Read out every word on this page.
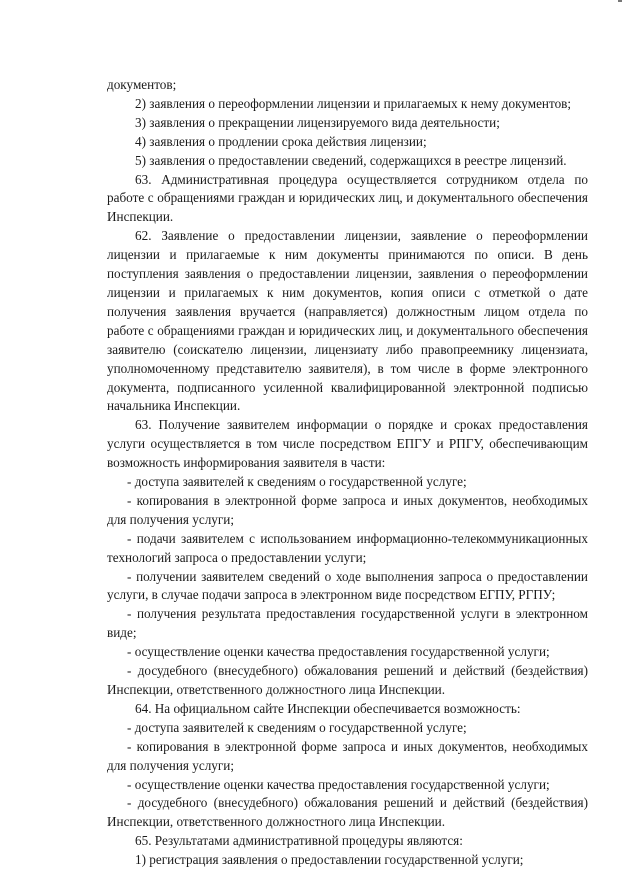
документов;

2) заявления о переоформлении лицензии и прилагаемых к нему документов;

3) заявления о прекращении лицензируемого вида деятельности;

4) заявления о продлении срока действия лицензии;

5) заявления о предоставлении сведений, содержащихся в реестре лицензий.

63. Административная процедура осуществляется сотрудником отдела по работе с обращениями граждан и юридических лиц, и документального обеспечения Инспекции.

62. Заявление о предоставлении лицензии, заявление о переоформлении лицензии и прилагаемые к ним документы принимаются по описи. В день поступления заявления о предоставлении лицензии, заявления о переоформлении лицензии и прилагаемых к ним документов, копия описи с отметкой о дате получения заявления вручается (направляется) должностным лицом отдела по работе с обращениями граждан и юридических лиц, и документального обеспечения заявителю (соискателю лицензии, лицензиату либо правопреемнику лицензиата, уполномоченному представителю заявителя), в том числе в форме электронного документа, подписанного усиленной квалифицированной электронной подписью начальника Инспекции.

63. Получение заявителем информации о порядке и сроках предоставления услуги осуществляется в том числе посредством ЕПГУ и РПГУ, обеспечивающим возможность информирования заявителя в части:

- доступа заявителей к сведениям о государственной услуге;

- копирования в электронной форме запроса и иных документов, необходимых для получения услуги;

- подачи заявителем с использованием информационно-телекоммуникационных технологий запроса о предоставлении услуги;

- получении заявителем сведений о ходе выполнения запроса о предоставлении услуги, в случае подачи запроса в электронном виде посредством ЕГПУ, РГПУ;

- получения результата предоставления государственной услуги в электронном виде;

- осуществление оценки качества предоставления государственной услуги;

- досудебного (внесудебного) обжалования решений и действий (бездействия) Инспекции, ответственного должностного лица Инспекции.

64. На официальном сайте Инспекции обеспечивается возможность:

- доступа заявителей к сведениям о государственной услуге;

- копирования в электронной форме запроса и иных документов, необходимых для получения услуги;

- осуществление оценки качества предоставления государственной услуги;

- досудебного (внесудебного) обжалования решений и действий (бездействия) Инспекции, ответственного должностного лица Инспекции.

65. Результатами административной процедуры являются:

1) регистрация заявления о предоставлении государственной услуги;
